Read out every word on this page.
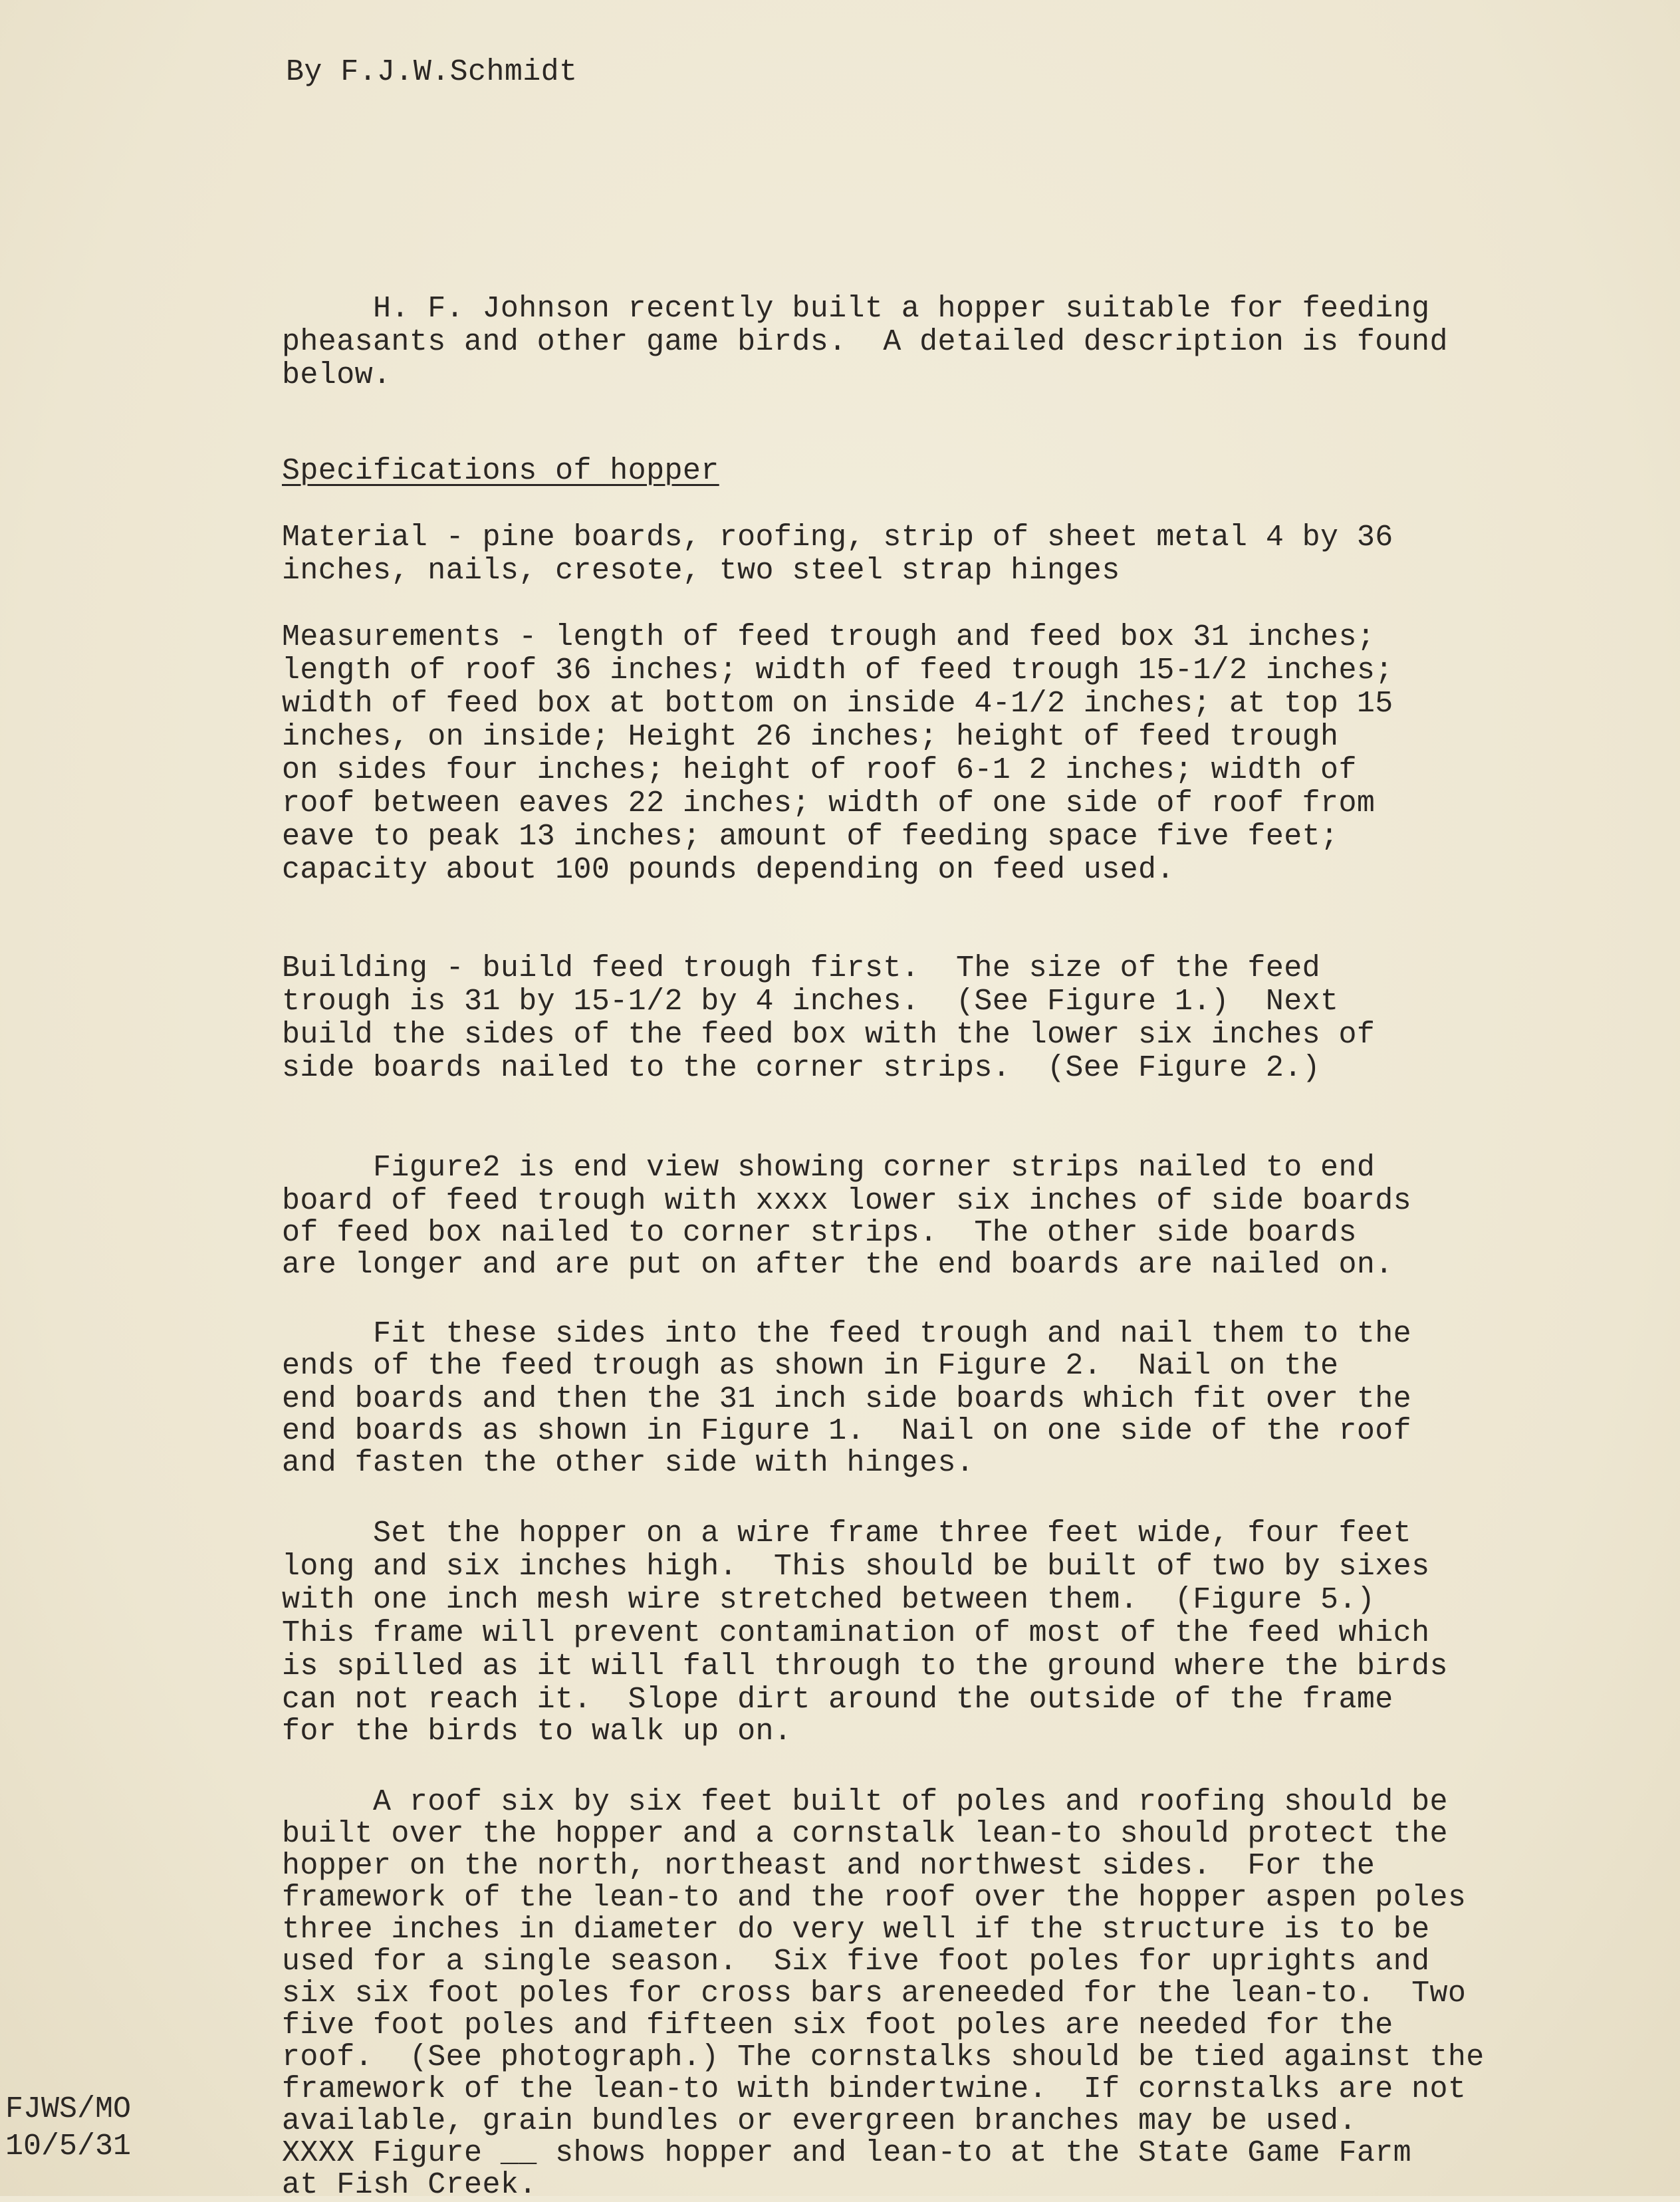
By F.J.W.Schmidt
H. F. Johnson recently built a hopper suitable for feeding
pheasants and other game birds.  A detailed description is found
below.
Specifications of hopper
Material - pine boards, roofing, strip of sheet metal 4 by 36
inches, nails, cresote, two steel strap hinges
Measurements - length of feed trough and feed box 31 inches;
length of roof 36 inches; width of feed trough 15-1/2 inches;
width of feed box at bottom on inside 4-1/2 inches; at top 15
inches, on inside; Height 26 inches; height of feed trough
on sides four inches; height of roof 6-1 2 inches; width of
roof between eaves 22 inches; width of one side of roof from
eave to peak 13 inches; amount of feeding space five feet;
capacity about 100 pounds depending on feed used.
Building - build feed trough first.  The size of the feed
trough is 31 by 15-1/2 by 4 inches.  (See Figure 1.)  Next
build the sides of the feed box with the lower six inches of
side boards nailed to the corner strips.  (See Figure 2.)
Figure2 is end view showing corner strips nailed to end
board of feed trough with xxxx lower six inches of side boards
of feed box nailed to corner strips.  The other side boards
are longer and are put on after the end boards are nailed on.
Fit these sides into the feed trough and nail them to the
ends of the feed trough as shown in Figure 2.  Nail on the
end boards and then the 31 inch side boards which fit over the
end boards as shown in Figure 1.  Nail on one side of the roof
and fasten the other side with hinges.
Set the hopper on a wire frame three feet wide, four feet
long and six inches high.  This should be built of two by sixes
with one inch mesh wire stretched between them.  (Figure 5.)
This frame will prevent contamination of most of the feed which
is spilled as it will fall through to the ground where the birds
can not reach it.  Slope dirt around the outside of the frame
for the birds to walk up on.
A roof six by six feet built of poles and roofing should be
built over the hopper and a cornstalk lean-to should protect the
hopper on the north, northeast and northwest sides.  For the
framework of the lean-to and the roof over the hopper aspen poles
three inches in diameter do very well if the structure is to be
used for a single season.  Six five foot poles for uprights and
six six foot poles for cross bars areneeded for the lean-to.  Two
five foot poles and fifteen six foot poles are needed for the
roof.  (See photograph.) The cornstalks should be tied against the
framework of the lean-to with bindertwine.  If cornstalks are not
available, grain bundles or evergreen branches may be used.
XXXX Figure __ shows hopper and lean-to at the State Game Farm
at Fish Creek.
FJWS/MO
10/5/31
